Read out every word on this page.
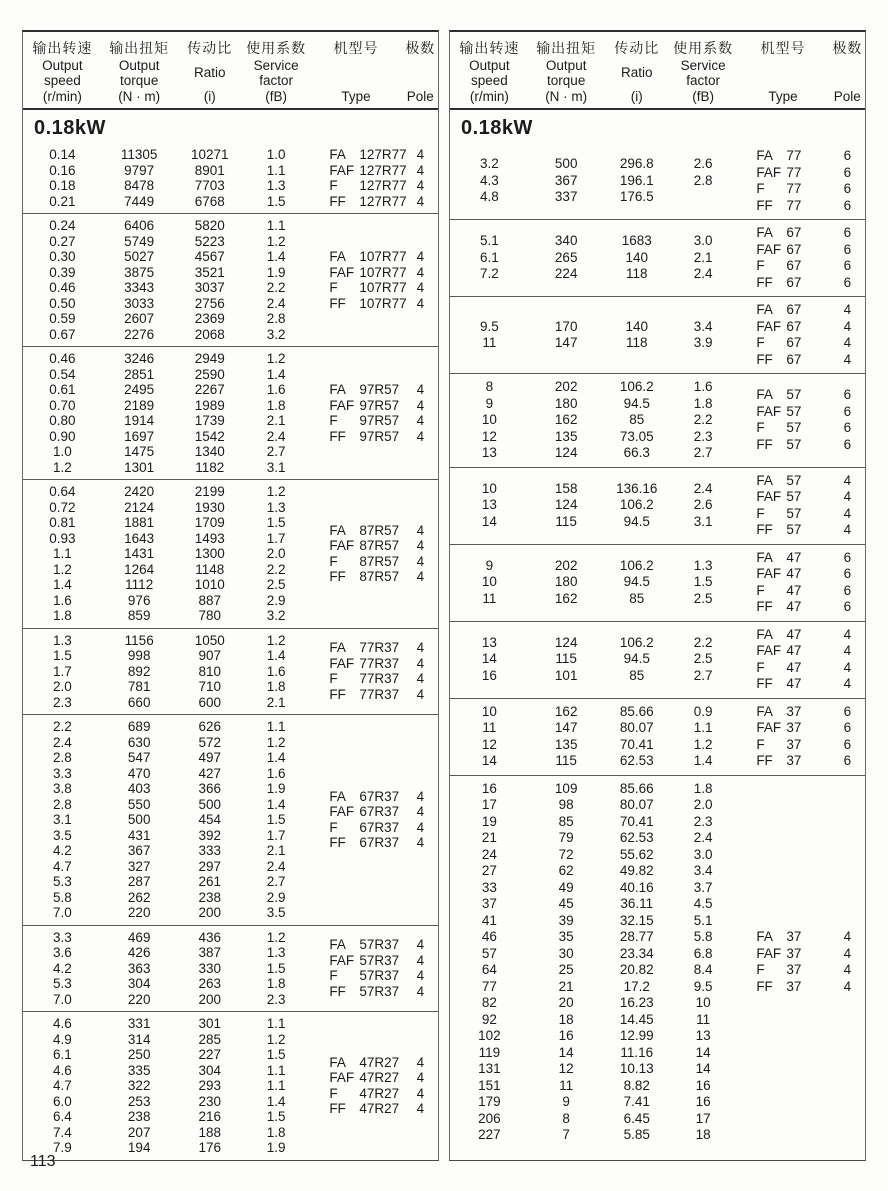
输出转速
Output speed
(r/min)
输出扭矩
Output torque
(N · m)
传动比
Ratio
(i)
使用系数
Service factor
(fB)
机型号
Type
极数
Pole
0.18kW
0.14
0.16
0.18
0.21
11305
9797
8478
7449
10271
8901
7703
6768
1.0
1.1
1.3
1.5
FA 127R77
FAF 127R77
F 127R77
FF 127R77
4
4
4
4
0.24
0.27
0.30
0.39
0.46
0.50
0.59
0.67
6406
5749
5027
3875
3343
3033
2607
2276
5820
5223
4567
3521
3037
2756
2369
2068
1.1
1.2
1.4
1.9
2.2
2.4
2.8
3.2
FA 107R77
FAF 107R77
F 107R77
FF 107R77
4
4
4
4
0.46
0.54
0.61
0.70
0.80
0.90
1.0
1.2
3246
2851
2495
2189
1914
1697
1475
1301
2949
2590
2267
1989
1739
1542
1340
1182
1.2
1.4
1.6
1.8
2.1
2.4
2.7
3.1
FA 97R57
FAF 97R57
F 97R57
FF 97R57
4
4
4
4
0.64
0.72
0.81
0.93
1.1
1.2
1.4
1.6
1.8
2420
2124
1881
1643
1431
1264
1112
976
859
2199
1930
1709
1493
1300
1148
1010
887
780
1.2
1.3
1.5
1.7
2.0
2.2
2.5
2.9
3.2
FA 87R57
FAF 87R57
F 87R57
FF 87R57
4
4
4
4
1.3
1.5
1.7
2.0
2.3
1156
998
892
781
660
1050
907
810
710
600
1.2
1.4
1.6
1.8
2.1
FA 77R37
FAF 77R37
F 77R37
FF 77R37
4
4
4
4
2.2
2.4
2.8
3.3
3.8
2.8
3.1
3.5
4.2
4.7
5.3
5.8
7.0
689
630
547
470
403
550
500
431
367
327
287
262
220
626
572
497
427
366
500
454
392
333
297
261
238
200
1.1
1.2
1.4
1.6
1.9
1.4
1.5
1.7
2.1
2.4
2.7
2.9
3.5
FA 67R37
FAF 67R37
F 67R37
FF 67R37
4
4
4
4
3.3
3.6
4.2
5.3
7.0
469
426
363
304
220
436
387
330
263
200
1.2
1.3
1.5
1.8
2.3
FA 57R37
FAF 57R37
F 57R37
FF 57R37
4
4
4
4
4.6
4.9
6.1
4.6
4.7
6.0
6.4
7.4
7.9
331
314
250
335
322
253
238
207
194
301
285
227
304
293
230
216
188
176
1.1
1.2
1.5
1.1
1.1
1.4
1.5
1.8
1.9
FA 47R27
FAF 47R27
F 47R27
FF 47R27
4
4
4
4
输出转速
Output speed
(r/min)
输出扭矩
Output torque
(N · m)
传动比
Ratio
(i)
使用系数
Service factor
(fB)
机型号
Type
极数
Pole
0.18kW
3.2
4.3
4.8
500
367
337
296.8
196.1
176.5
2.6
2.8
FA 77
FAF 77
F 77
FF 77
6
6
6
6
5.1
6.1
7.2
340
265
224
1683
140
118
3.0
2.1
2.4
FA 67
FAF 67
F 67
FF 67
6
6
6
6
9.5
11
170
147
140
118
3.4
3.9
FA 67
FAF 67
F 67
FF 67
4
4
4
4
8
9
10
12
13
202
180
162
135
124
106.2
94.5
85
73.05
66.3
1.6
1.8
2.2
2.3
2.7
FA 57
FAF 57
F 57
FF 57
6
6
6
6
10
13
14
158
124
115
136.16
106.2
94.5
2.4
2.6
3.1
FA 57
FAF 57
F 57
FF 57
4
4
4
4
9
10
11
202
180
162
106.2
94.5
85
1.3
1.5
2.5
FA 47
FAF 47
F 47
FF 47
6
6
6
6
13
14
16
124
115
101
106.2
94.5
85
2.2
2.5
2.7
FA 47
FAF 47
F 47
FF 47
4
4
4
4
10
11
12
14
162
147
135
115
85.66
80.07
70.41
62.53
0.9
1.1
1.2
1.4
FA 37
FAF 37
F 37
FF 37
6
6
6
6
16
17
19
21
24
27
33
37
41
46
57
64
77
82
92
102
119
131
151
179
206
227
109
98
85
79
72
62
49
45
39
35
30
25
21
20
18
16
14
12
11
9
8
7
85.66
80.07
70.41
62.53
55.62
49.82
40.16
36.11
32.15
28.77
23.34
20.82
17.2
16.23
14.45
12.99
11.16
10.13
8.82
7.41
6.45
5.85
1.8
2.0
2.3
2.4
3.0
3.4
3.7
4.5
5.1
5.8
6.8
8.4
9.5
10
11
13
14
14
16
16
17
18
FA 37
FAF 37
F 37
FF 37
4
4
4
4
113
